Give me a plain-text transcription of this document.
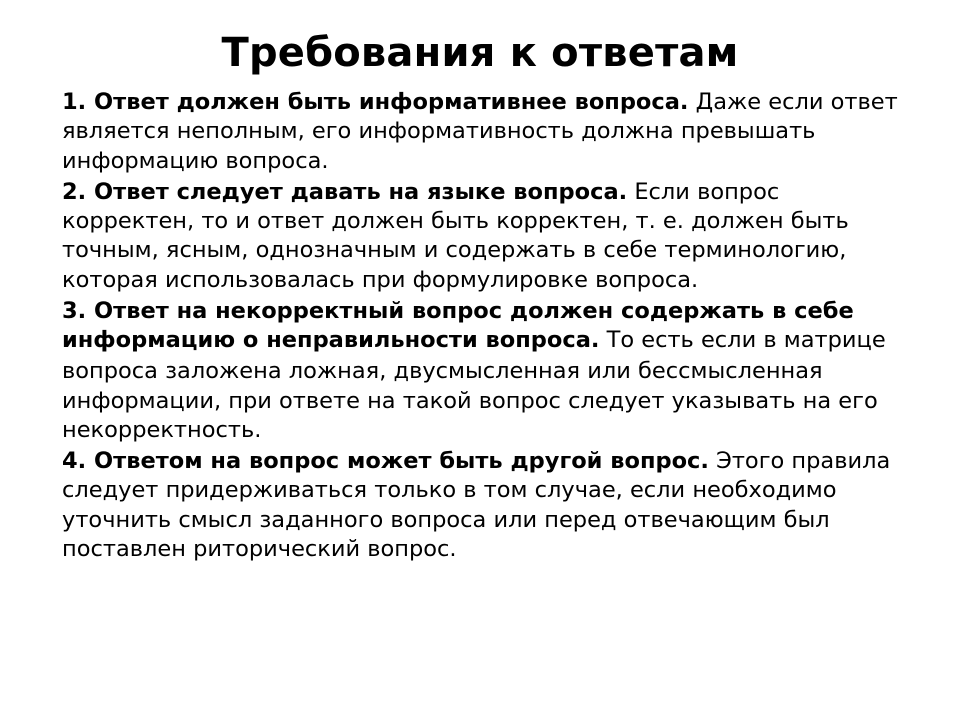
Требования к ответам

1. Ответ должен быть информативнее вопроса. Даже если ответ является неполным, его информативность должна превышать информацию вопроса.

2. Ответ следует давать на языке вопроса. Если вопрос корректен, то и ответ должен быть корректен, т. е. должен быть точным, ясным, однозначным и содержать в себе терминологию, которая использовалась при формулировке вопроса.

3. Ответ на некорректный вопрос должен содержать в себе информацию о неправильности вопроса. То есть если в матрице

вопроса заложена ложная, двусмысленная или бессмысленная информации, при ответе на такой вопрос следует указывать на его некорректность.

4. Ответом на вопрос может быть другой вопрос. Этого правила следует придерживаться только в том случае, если необходимо уточнить смысл заданного вопроса или перед отвечающим был поставлен риторический вопрос.
